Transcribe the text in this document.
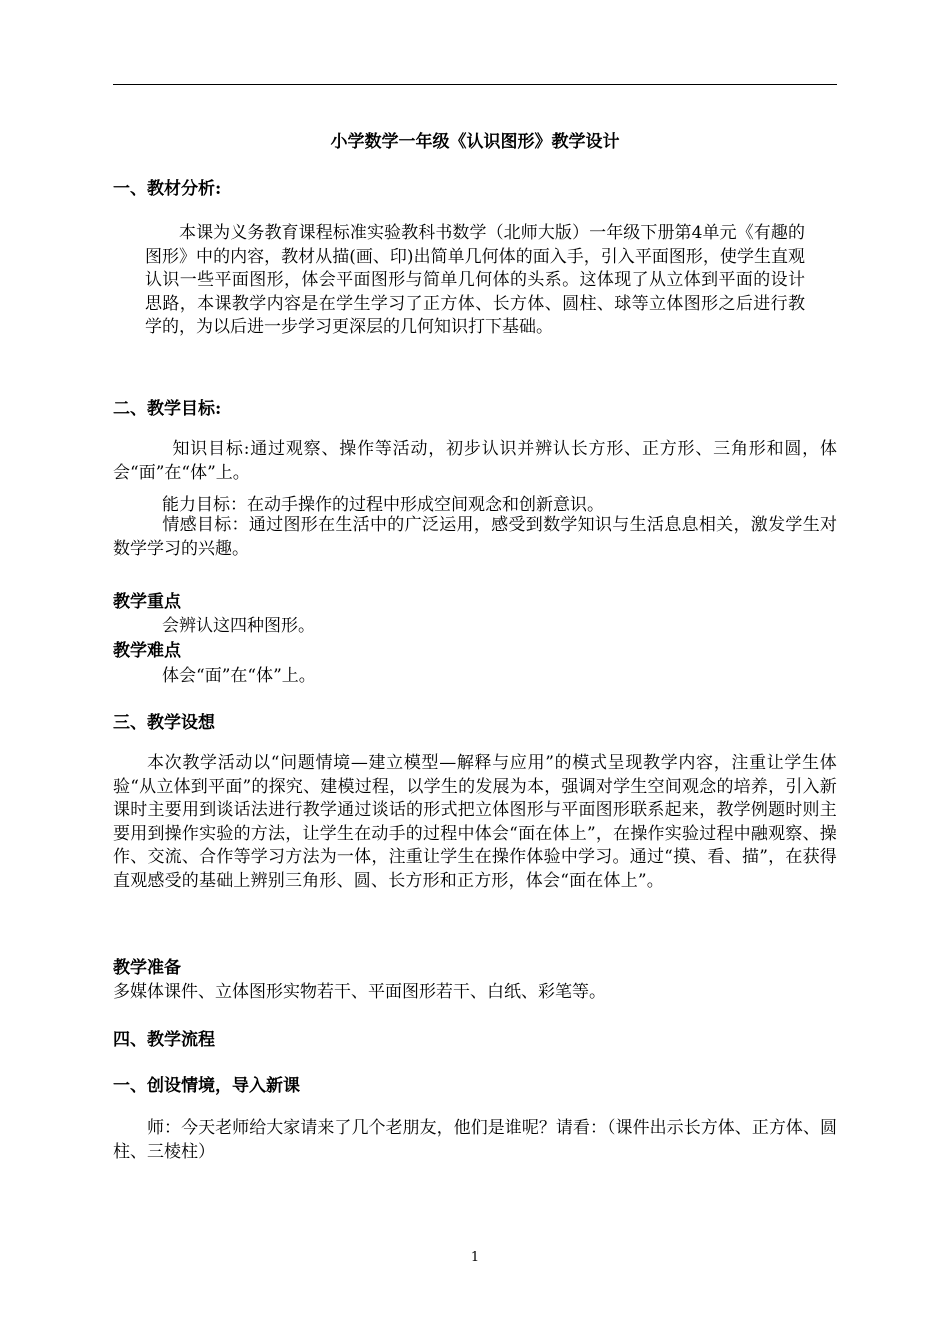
小学数学一年级《认识图形》教学设计
一、教材分析:
本课为义务教育课程标准实验教科书数学（北师大版）一年级下册第4单元《有趣的图形》中的内容，教材从描(画、印)出简单几何体的面入手，引入平面图形，使学生直观认识一些平面图形，体会平面图形与简单几何体的头系。这体现了从立体到平面的设计思路，本课教学内容是在学生学习了正方体、长方体、圆柱、球等立体图形之后进行教学的，为以后进一步学习更深层的几何知识打下基础。
二、教学目标:
知识目标:通过观察、操作等活动，初步认识并辨认长方形、正方形、三角形和圆，体会“面”在“体”上。
能力目标：在动手操作的过程中形成空间观念和创新意识。
情感目标：通过图形在生活中的广泛运用，感受到数学知识与生活息息相关，激发学生对数学学习的兴趣。
教学重点
会辨认这四种图形。
教学难点
体会“面”在“体”上。
三、教学设想
本次教学活动以“问题情境—建立模型—解释与应用”的模式呈现教学内容，注重让学生体验“从立体到平面”的探究、建模过程，以学生的发展为本，强调对学生空间观念的培养，引入新课时主要用到谈话法进行教学通过谈话的形式把立体图形与平面图形联系起来，教学例题时则主要用到操作实验的方法，让学生在动手的过程中体会“面在体上”，在操作实验过程中融观察、操作、交流、合作等学习方法为一体，注重让学生在操作体验中学习。通过“摸、看、描”，在获得直观感受的基础上辨别三角形、圆、长方形和正方形，体会“面在体上”。
教学准备
多媒体课件、立体图形实物若干、平面图形若干、白纸、彩笔等。
四、教学流程
一、创设情境，导入新课
师：今天老师给大家请来了几个老朋友，他们是谁呢？请看：（课件出示长方体、正方体、圆柱、三棱柱）
1
